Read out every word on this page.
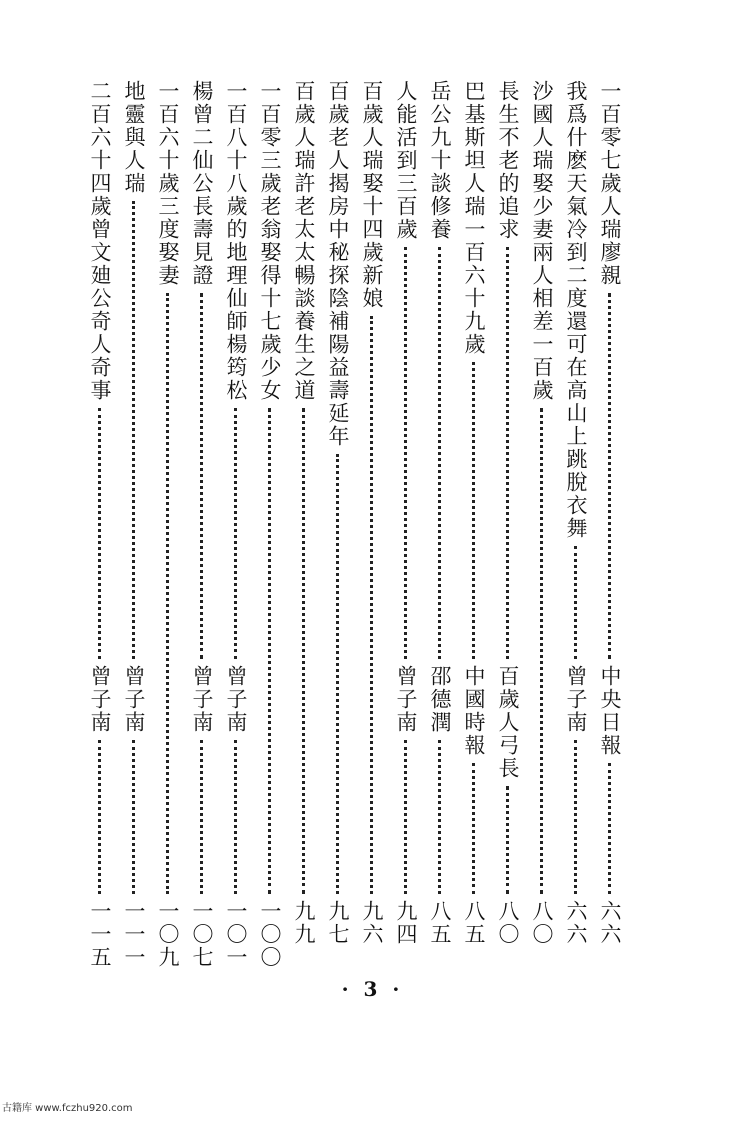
一百零七歲人瑞廖親
中央日報
六六
我爲什麽天氣冷到二度還可在高山上跳脫衣舞
曾子南
六六
沙國人瑞娶少妻兩人相差一百歲
八〇
長生不老的追求
百歲人弓長
八〇
巴基斯坦人瑞一百六十九歲
中國時報
八五
岳公九十談修養
邵德潤
八五
人能活到三百歲
曾子南
九四
百歲人瑞娶十四歲新娘
九六
百歲老人揭房中秘探陰補陽益壽延年
九七
百歲人瑞許老太太暢談養生之道
九九
一百零三歲老翁娶得十七歲少女
一〇〇
一百八十八歲的地理仙師楊筠松
曾子南
一〇一
楊曾二仙公長壽見證
曾子南
一〇七
一百六十歲三度娶妻
一〇九
地靈與人瑞
曾子南
一一一
二百六十四歲曾文廸公奇人奇事
曾子南
一一五
· 3 ·
古籍库 www.fczhu920.com
